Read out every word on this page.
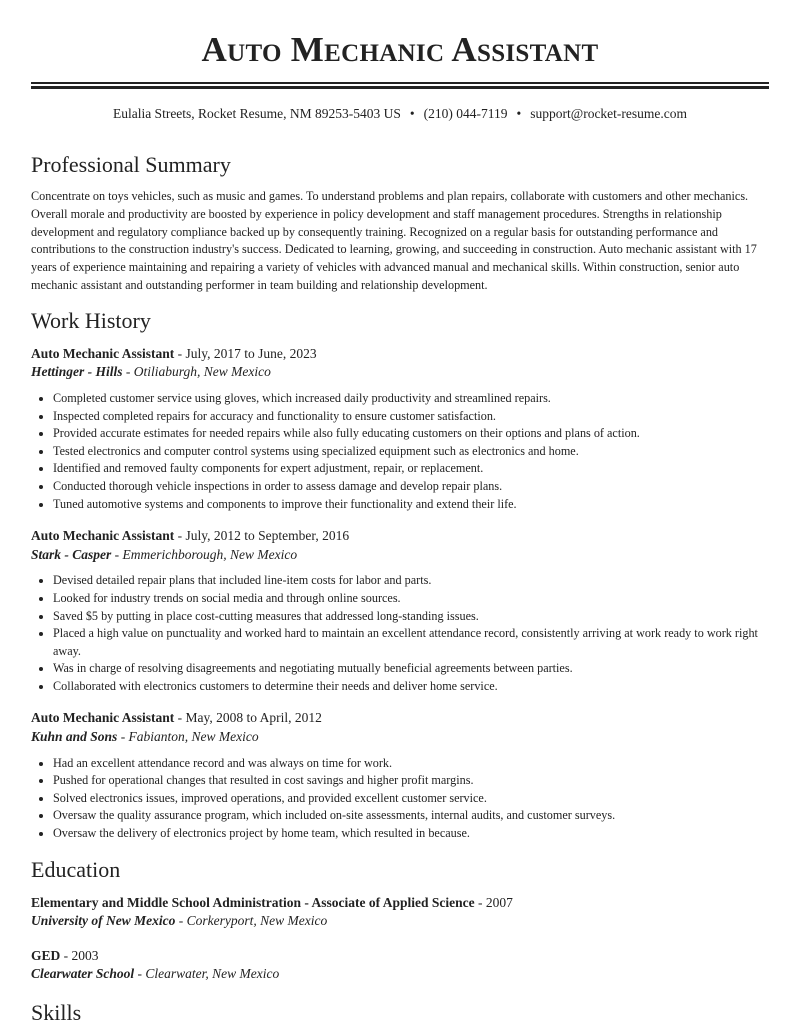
Auto Mechanic Assistant
Eulalia Streets, Rocket Resume, NM 89253-5403 US • (210) 044-7119 • support@rocket-resume.com
Professional Summary

Concentrate on toys vehicles, such as music and games. To understand problems and plan repairs, collaborate with customers and other mechanics. Overall morale and productivity are boosted by experience in policy development and staff management procedures. Strengths in relationship development and regulatory compliance backed up by consequently training. Recognized on a regular basis for outstanding performance and contributions to the construction industry's success. Dedicated to learning, growing, and succeeding in construction. Auto mechanic assistant with 17 years of experience maintaining and repairing a variety of vehicles with advanced manual and mechanical skills. Within construction, senior auto mechanic assistant and outstanding performer in team building and relationship development.

Work History
Auto Mechanic Assistant - July, 2017 to June, 2023
Hettinger - Hills - Otiliaburgh, New Mexico
• Completed customer service using gloves, which increased daily productivity and streamlined repairs.
• Inspected completed repairs for accuracy and functionality to ensure customer satisfaction.
• Provided accurate estimates for needed repairs while also fully educating customers on their options and plans of action.
• Tested electronics and computer control systems using specialized equipment such as electronics and home.
• Identified and removed faulty components for expert adjustment, repair, or replacement.
• Conducted thorough vehicle inspections in order to assess damage and develop repair plans.
• Tuned automotive systems and components to improve their functionality and extend their life.
Auto Mechanic Assistant - July, 2012 to September, 2016
Stark - Casper - Emmerichborough, New Mexico
• Devised detailed repair plans that included line-item costs for labor and parts.
• Looked for industry trends on social media and through online sources.
• Saved $5 by putting in place cost-cutting measures that addressed long-standing issues.
• Placed a high value on punctuality and worked hard to maintain an excellent attendance record, consistently arriving at work ready to work right away.
• Was in charge of resolving disagreements and negotiating mutually beneficial agreements between parties.
• Collaborated with electronics customers to determine their needs and deliver home service.
Auto Mechanic Assistant - May, 2008 to April, 2012
Kuhn and Sons - Fabianton, New Mexico
• Had an excellent attendance record and was always on time for work.
• Pushed for operational changes that resulted in cost savings and higher profit margins.
• Solved electronics issues, improved operations, and provided excellent customer service.
• Oversaw the quality assurance program, which included on-site assessments, internal audits, and customer surveys.
• Oversaw the delivery of electronics project by home team, which resulted in because.
Education
Elementary and Middle School Administration - Associate of Applied Science - 2007
University of New Mexico - Corkeryport, New Mexico
GED - 2003
Clearwater School - Clearwater, New Mexico
Skills
